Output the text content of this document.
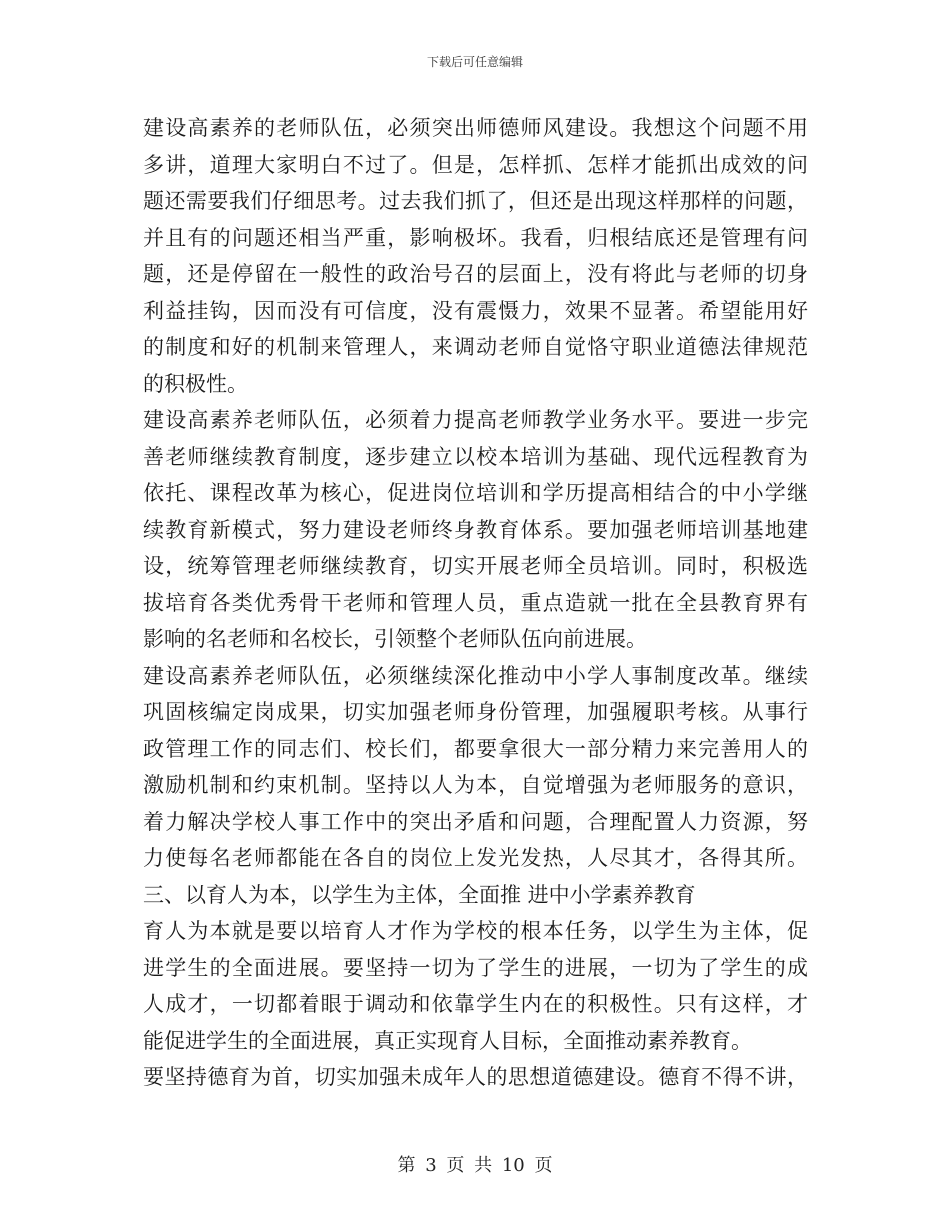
下载后可任意编辑
建设高素养的老师队伍，必须突出师德师风建设。我想这个问题不用
多讲，道理大家明白不过了。但是，怎样抓、怎样才能抓出成效的问
题还需要我们仔细思考。过去我们抓了，但还是出现这样那样的问题，
并且有的问题还相当严重，影响极坏。我看，归根结底还是管理有问
题，还是停留在一般性的政治号召的层面上，没有将此与老师的切身
利益挂钩，因而没有可信度，没有震慑力，效果不显著。希望能用好
的制度和好的机制来管理人，来调动老师自觉恪守职业道德法律规范
的积极性。
建设高素养老师队伍，必须着力提高老师教学业务水平。要进一步完
善老师继续教育制度，逐步建立以校本培训为基础、现代远程教育为
依托、课程改革为核心，促进岗位培训和学历提高相结合的中小学继
续教育新模式，努力建设老师终身教育体系。要加强老师培训基地建
设，统筹管理老师继续教育，切实开展老师全员培训。同时，积极选
拔培育各类优秀骨干老师和管理人员，重点造就一批在全县教育界有
影响的名老师和名校长，引领整个老师队伍向前进展。
建设高素养老师队伍，必须继续深化推动中小学人事制度改革。继续
巩固核编定岗成果，切实加强老师身份管理，加强履职考核。从事行
政管理工作的同志们、校长们，都要拿很大一部分精力来完善用人的
激励机制和约束机制。坚持以人为本，自觉增强为老师服务的意识，
着力解决学校人事工作中的突出矛盾和问题，合理配置人力资源，努
力使每名老师都能在各自的岗位上发光发热，人尽其才，各得其所。
三、以育人为本，以学生为主体，全面推 进中小学素养教育
育人为本就是要以培育人才作为学校的根本任务，以学生为主体，促
进学生的全面进展。要坚持一切为了学生的进展，一切为了学生的成
人成才，一切都着眼于调动和依靠学生内在的积极性。只有这样，才
能促进学生的全面进展，真正实现育人目标，全面推动素养教育。
要坚持德育为首，切实加强未成年人的思想道德建设。德育不得不讲，
第 3 页 共 10 页
